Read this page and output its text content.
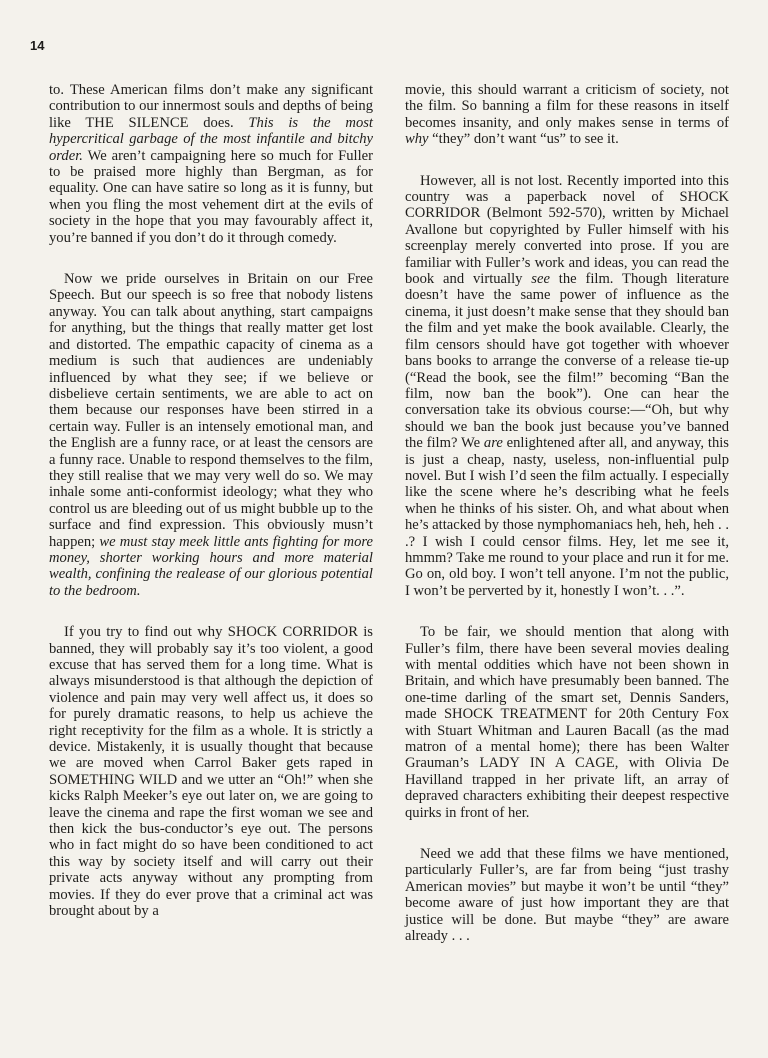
14

to. These American films don’t make any significant contribution to our innermost souls and depths of being like THE SILENCE does. This is the most hypercritical garbage of the most infantile and bitchy order. We aren’t campaigning here so much for Fuller to be praised more highly than Bergman, as for equality. One can have satire so long as it is funny, but when you fling the most vehement dirt at the evils of society in the hope that you may favourably affect it, you’re banned if you don’t do it through comedy.

Now we pride ourselves in Britain on our Free Speech. But our speech is so free that nobody listens anyway. You can talk about anything, start campaigns for anything, but the things that really matter get lost and distorted. The empathic capacity of cinema as a medium is such that audiences are undeniably influenced by what they see; if we believe or disbelieve certain sentiments, we are able to act on them because our responses have been stirred in a certain way. Fuller is an intensely emotional man, and the English are a funny race, or at least the censors are a funny race. Unable to respond themselves to the film, they still realise that we may very well do so. We may inhale some anti-conformist ideology; what they who control us are bleeding out of us might bubble up to the surface and find expression. This obviously musn’t happen; we must stay meek little ants fighting for more money, shorter working hours and more material wealth, confining the realease of our glorious potential to the bedroom.

If you try to find out why SHOCK CORRIDOR is banned, they will probably say it’s too violent, a good excuse that has served them for a long time. What is always misunderstood is that although the depiction of violence and pain may very well affect us, it does so for purely dramatic reasons, to help us achieve the right receptivity for the film as a whole. It is strictly a device. Mistakenly, it is usually thought that because we are moved when Carrol Baker gets raped in SOMETHING WILD and we utter an “Oh!” when she kicks Ralph Meeker’s eye out later on, we are going to leave the cinema and rape the first woman we see and then kick the bus-conductor’s eye out. The persons who in fact might do so have been conditioned to act this way by society itself and will carry out their private acts anyway without any prompting from movies. If they do ever prove that a criminal act was brought about by a

movie, this should warrant a criticism of society, not the film. So banning a film for these reasons in itself becomes insanity, and only makes sense in terms of why “they” don’t want “us” to see it.

However, all is not lost. Recently imported into this country was a paperback novel of SHOCK CORRIDOR (Belmont 592-570), written by Michael Avallone but copyrighted by Fuller himself with his screenplay merely converted into prose. If you are familiar with Fuller’s work and ideas, you can read the book and virtually see the film. Though literature doesn’t have the same power of influence as the cinema, it just doesn’t make sense that they should ban the film and yet make the book available. Clearly, the film censors should have got together with whoever bans books to arrange the converse of a release tie-up (“Read the book, see the film!” becoming “Ban the film, now ban the book”). One can hear the conversation take its obvious course:—“Oh, but why should we ban the book just because you’ve banned the film? We are enlightened after all, and anyway, this is just a cheap, nasty, useless, non-influential pulp novel. But I wish I’d seen the film actually. I especially like the scene where he’s describing what he feels when he thinks of his sister. Oh, and what about when he’s attacked by those nymphomaniacs heh, heh, heh . . .? I wish I could censor films. Hey, let me see it, hmmm? Take me round to your place and run it for me. Go on, old boy. I won’t tell anyone. I’m not the public, I won’t be perverted by it, honestly I won’t. . .”.

To be fair, we should mention that along with Fuller’s film, there have been several movies dealing with mental oddities which have not been shown in Britain, and which have presumably been banned. The one-time darling of the smart set, Dennis Sanders, made SHOCK TREATMENT for 20th Century Fox with Stuart Whitman and Lauren Bacall (as the mad matron of a mental home); there has been Walter Grauman’s LADY IN A CAGE, with Olivia De Havilland trapped in her private lift, an array of depraved characters exhibiting their deepest respective quirks in front of her.

Need we add that these films we have mentioned, particularly Fuller’s, are far from being “just trashy American movies” but maybe it won’t be until “they” become aware of just how important they are that justice will be done. But maybe “they” are aware already . . .
